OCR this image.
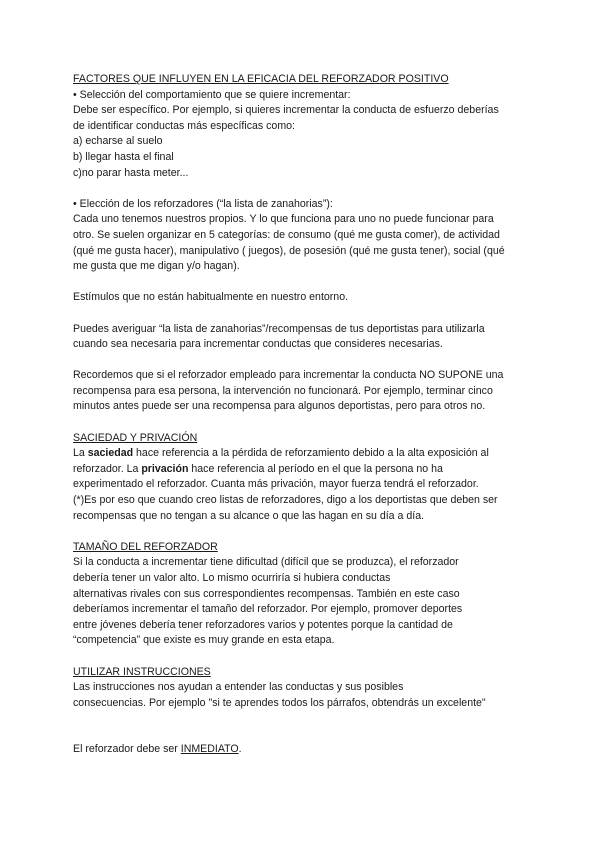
FACTORES QUE INFLUYEN EN LA EFICACIA DEL REFORZADOR POSITIVO
• Selección del comportamiento que se quiere incrementar:
Debe ser específico. Por ejemplo, si quieres incrementar la conducta de esfuerzo deberías
de identificar conductas más específicas como:
a) echarse al suelo
b) llegar hasta el final
c)no parar hasta meter...
• Elección de los reforzadores (“la lista de zanahorias”):
Cada uno tenemos nuestros propios. Y lo que funciona para uno no puede funcionar para
otro. Se suelen organizar en 5 categorías: de consumo (qué me gusta comer), de actividad
(qué me gusta hacer), manipulativo ( juegos), de posesión (qué me gusta tener), social (qué
me gusta que me digan y/o hagan).
Estímulos que no están habitualmente en nuestro entorno.
Puedes averiguar “la lista de zanahorias”/recompensas de tus deportistas para utilizarla
cuando sea necesaria para incrementar conductas que consideres necesarias.
Recordemos que si el reforzador empleado para incrementar la conducta NO SUPONE una
recompensa para esa persona, la intervención no funcionará. Por ejemplo, terminar cinco
minutos antes puede ser una recompensa para algunos deportistas, pero para otros no.
SACIEDAD Y PRIVACIÓN
La saciedad hace referencia a la pérdida de reforzamiento debido a la alta exposición al
reforzador. La privación hace referencia al período en el que la persona no ha
experimentado el reforzador. Cuanta más privación, mayor fuerza tendrá el reforzador.
(*)Es por eso que cuando creo listas de reforzadores, digo a los deportistas que deben ser
recompensas que no tengan a su alcance o que las hagan en su día a día.
TAMAÑO DEL REFORZADOR
Si la conducta a incrementar tiene dificultad (difícil que se produzca), el reforzador
debería tener un valor alto. Lo mismo ocurriría si hubiera conductas
alternativas rivales con sus correspondientes recompensas. También en este caso
deberíamos incrementar el tamaño del reforzador. Por ejemplo, promover deportes
entre jóvenes debería tener reforzadores varios y potentes porque la cantidad de
“competencia” que existe es muy grande en esta etapa.
UTILIZAR INSTRUCCIONES
Las instrucciones nos ayudan a entender las conductas y sus posibles
consecuencias. Por ejemplo "si te aprendes todos los párrafos, obtendrás un excelente"
El reforzador debe ser INMEDIATO.
